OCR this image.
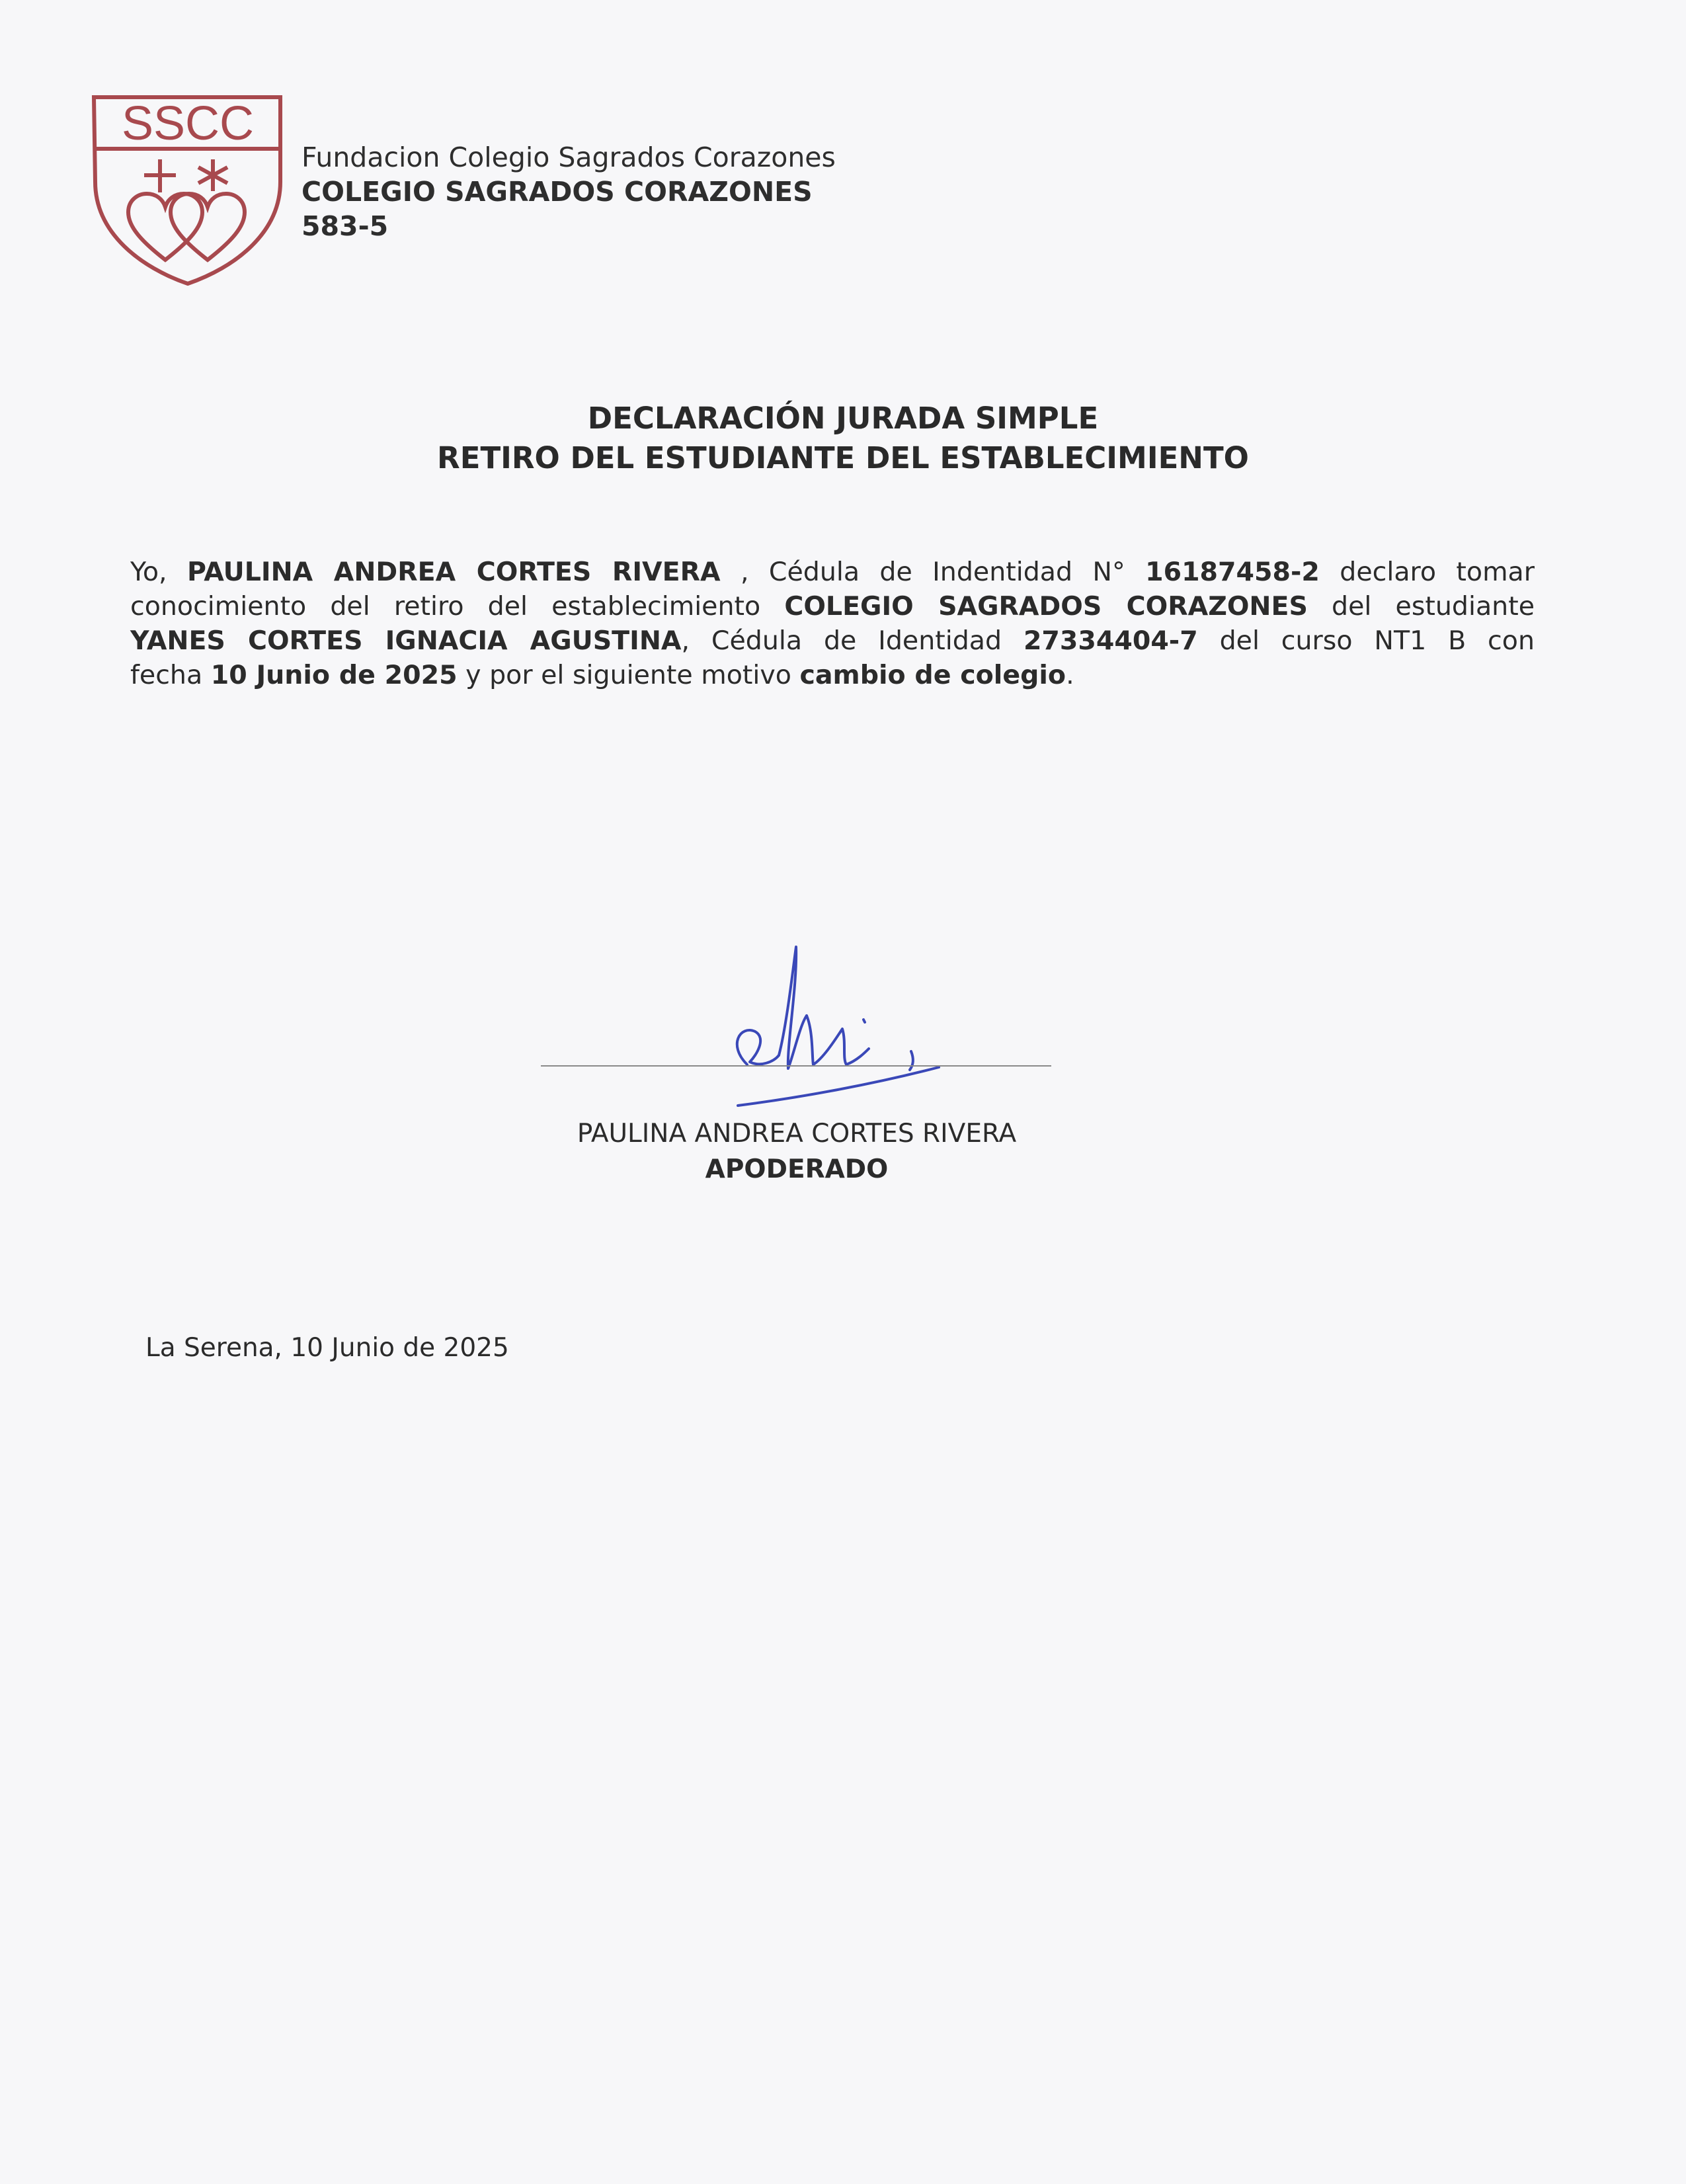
SSCC
Fundacion Colegio Sagrados Corazones
COLEGIO SAGRADOS CORAZONES
583-5
DECLARACIÓN JURADA SIMPLE
RETIRO DEL ESTUDIANTE DEL ESTABLECIMIENTO
Yo, PAULINA ANDREA CORTES RIVERA , Cédula de Indentidad N° 16187458-2 declaro tomar
conocimiento del retiro del establecimiento COLEGIO SAGRADOS CORAZONES del estudiante
YANES CORTES IGNACIA AGUSTINA, Cédula de Identidad 27334404-7 del curso NT1 B con
fecha 10 Junio de 2025 y por el siguiente motivo cambio de colegio.
PAULINA ANDREA CORTES RIVERA
APODERADO
La Serena, 10 Junio de 2025
